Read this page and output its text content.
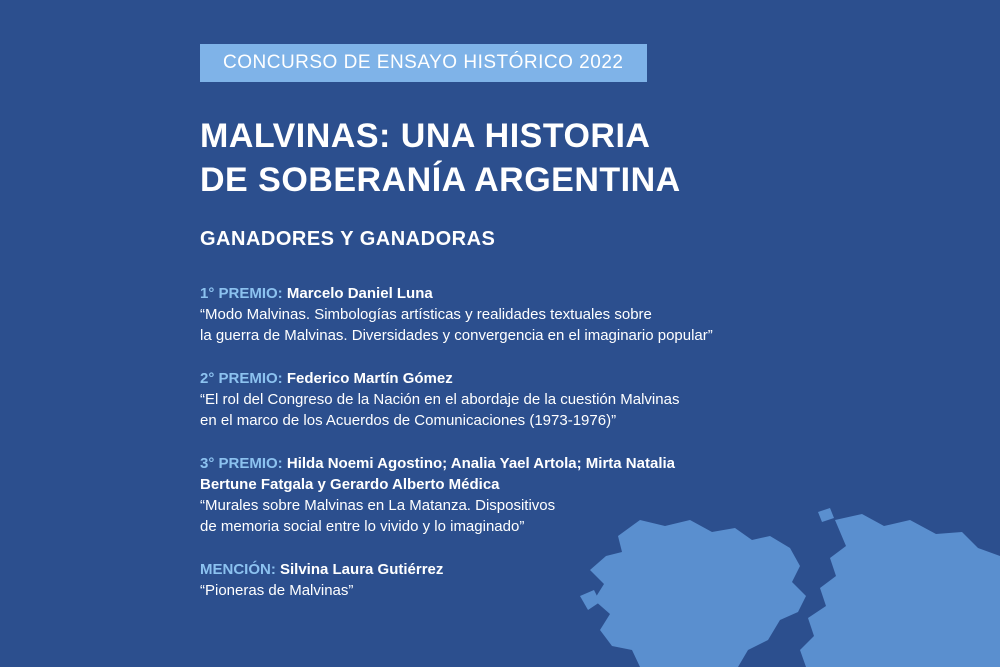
CONCURSO DE ENSAYO HISTÓRICO 2022
MALVINAS: UNA HISTORIA
DE SOBERANÍA ARGENTINA
GANADORES Y GANADORAS
1° PREMIO: Marcelo Daniel Luna
“Modo Malvinas. Simbologías artísticas y realidades textuales sobre
la guerra de Malvinas. Diversidades y convergencia en el imaginario popular”
2° PREMIO: Federico Martín Gómez
“El rol del Congreso de la Nación en el abordaje de la cuestión Malvinas
en el marco de los Acuerdos de Comunicaciones (1973-1976)”
3° PREMIO: Hilda Noemi Agostino; Analia Yael Artola; Mirta Natalia
Bertune Fatgala y Gerardo Alberto Médica
“Murales sobre Malvinas en La Matanza. Dispositivos
de memoria social entre lo vivido y lo imaginado”
MENCIÓN: Silvina Laura Gutiérrez
“Pioneras de Malvinas”
